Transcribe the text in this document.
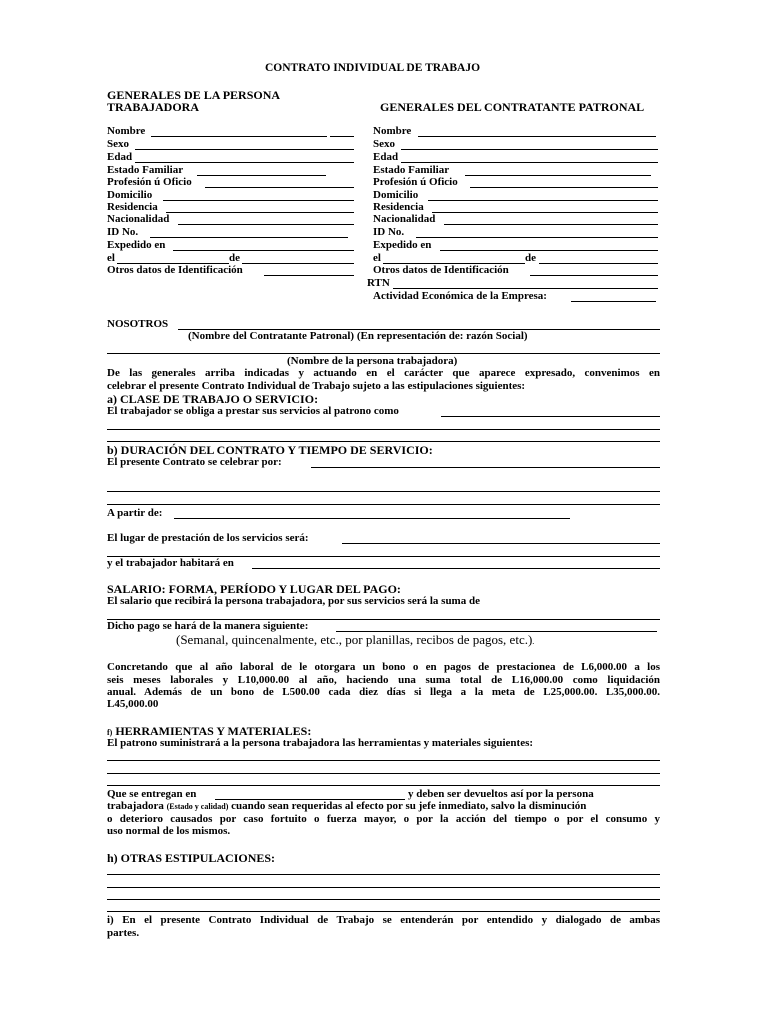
CONTRATO INDIVIDUAL DE TRABAJO
GENERALES DE LA PERSONA
TRABAJADORA	GENERALES DEL CONTRATANTE PATRONAL
Nombre
Sexo
Edad
Estado Familiar
Profesión ú Oficio
Domicilio
Residencia
Nacionalidad
ID No.
Expedido en
el	de
Otros datos de Identificación
Nombre
Sexo
Edad
Estado Familiar
Profesión ú Oficio
Domicilio
Residencia
Nacionalidad
ID No.
Expedido en
el	de
Otros datos de Identificación
RTN
Actividad Económica de la Empresa:
NOSOTROS
(Nombre del Contratante Patronal) (En representación de: razón Social)
(Nombre de la persona trabajadora)
De las generales arriba indicadas y actuando en el carácter que aparece expresado, convenimos en
celebrar el presente Contrato Individual de Trabajo sujeto a las estipulaciones siguientes:
a) CLASE DE TRABAJO O SERVICIO:
El trabajador se obliga a prestar sus servicios al patrono como
b) DURACIÓN DEL CONTRATO Y TIEMPO DE SERVICIO:
El presente Contrato se celebrar por:
A partir de:
El lugar de prestación de los servicios será:
y el trabajador habitará en
SALARIO: FORMA, PERÍODO Y LUGAR DEL PAGO:
El salario que recibirá la persona trabajadora, por sus servicios será la suma de
Dicho pago se hará de la manera siguiente:
(Semanal, quincenalmente, etc., por planillas, recibos de pagos, etc.).
Concretando que al año laboral de le otorgara un bono o en pagos de prestacionea de L6,000.00 a los
seis meses laborales y L10,000.00 al año, haciendo una suma total de L16,000.00 como liquidación
anual. Además de un bono de L500.00 cada diez días si llega a la meta de L25,000.00. L35,000.00.
L45,000.00
f) HERRAMIENTAS Y MATERIALES:
El patrono suministrará a la persona trabajadora las herramientas y materiales siguientes:
Que se entregan en	y deben ser devueltos así por la persona
trabajadora (Estado y calidad) cuando sean requeridas al efecto por su jefe inmediato, salvo la disminución
o deterioro causados por caso fortuito o fuerza mayor, o por la acción del tiempo o por el consumo y
uso normal de los mismos.
h) OTRAS ESTIPULACIONES:
i) En el presente Contrato Individual de Trabajo se entenderán por entendido y dialogado de ambas
partes.
